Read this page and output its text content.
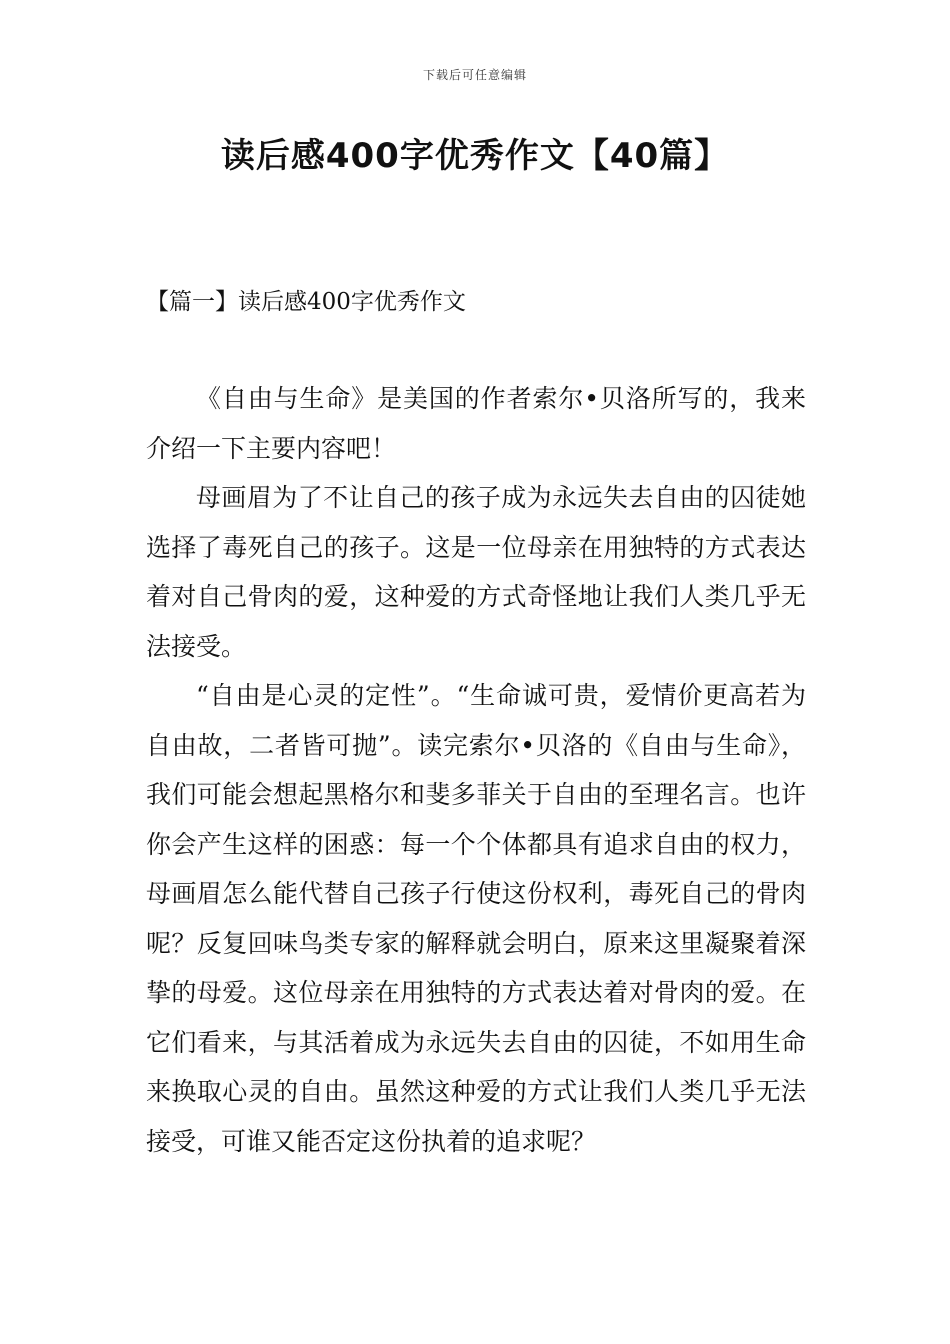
下载后可任意编辑
读后感400字优秀作文【40篇】
【篇一】读后感400字优秀作文

《自由与生命》是美国的作者索尔•贝洛所写的，我来介绍一下主要内容吧！

母画眉为了不让自己的孩子成为永远失去自由的囚徒她选择了毒死自己的孩子。这是一位母亲在用独特的方式表达着对自己骨肉的爱，这种爱的方式奇怪地让我们人类几乎无法接受。

“自由是心灵的定性”。“生命诚可贵，爱情价更高若为自由故，二者皆可抛”。读完索尔•贝洛的《自由与生命》，我们可能会想起黑格尔和斐多菲关于自由的至理名言。也许你会产生这样的困惑：每一个个体都具有追求自由的权力，母画眉怎么能代替自己孩子行使这份权利，毒死自己的骨肉呢？反复回味鸟类专家的解释就会明白，原来这里凝聚着深挚的母爱。这位母亲在用独特的方式表达着对骨肉的爱。在它们看来，与其活着成为永远失去自由的囚徒，不如用生命来换取心灵的自由。虽然这种爱的方式让我们人类几乎无法接受，可谁又能否定这份执着的追求呢？
